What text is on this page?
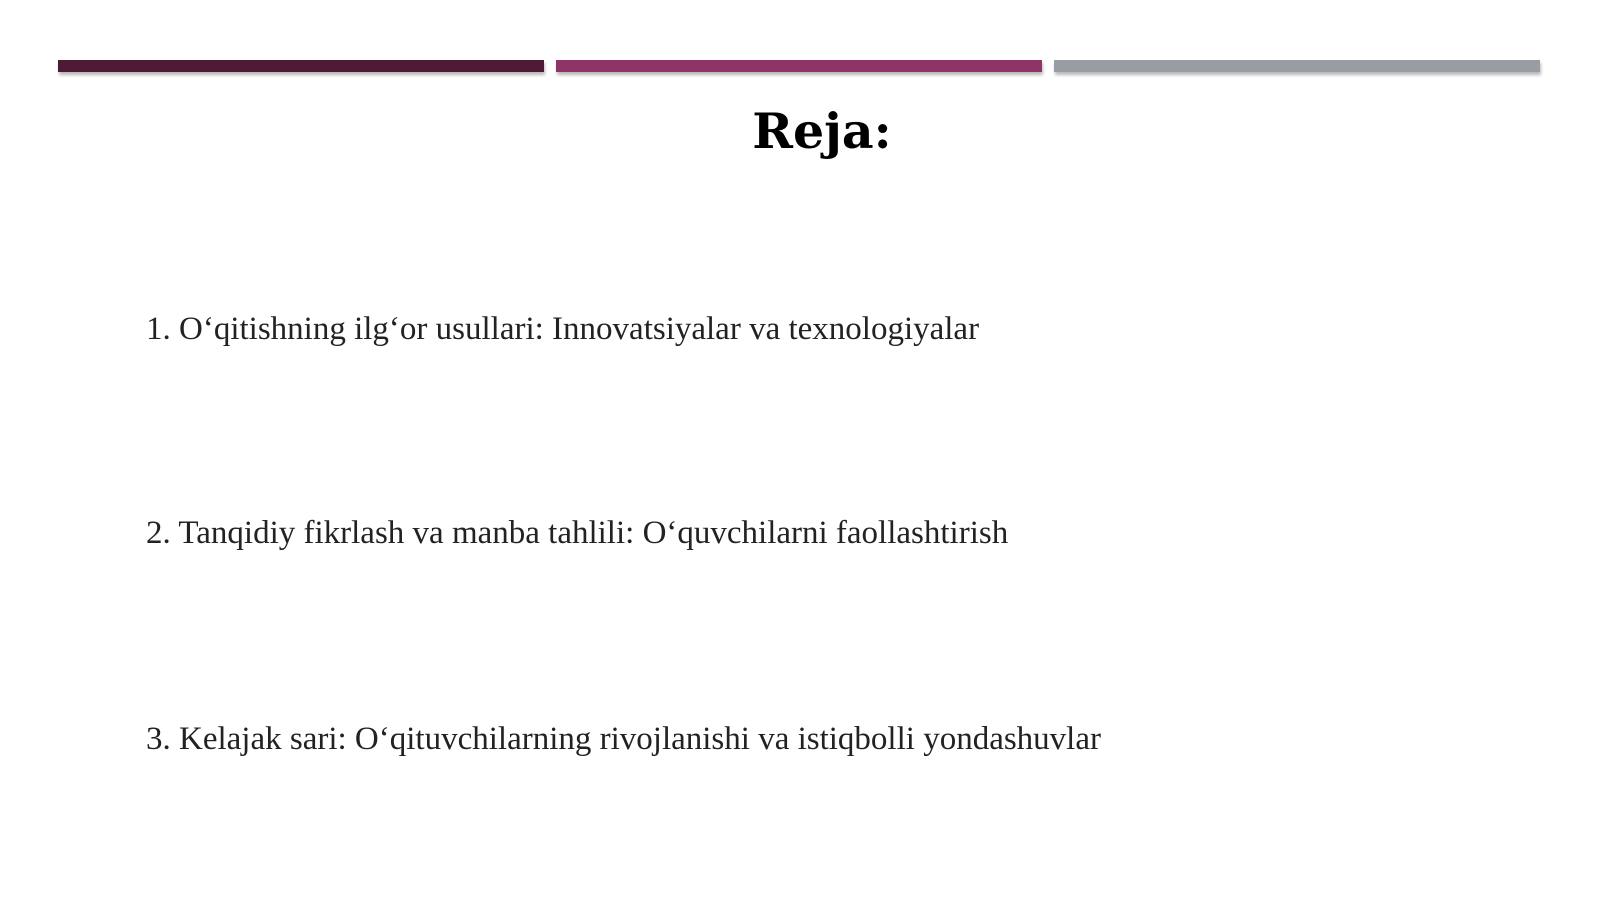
Reja:
1. O‘qitishning ilg‘or usullari: Innovatsiyalar va texnologiyalar
2. Tanqidiy fikrlash va manba tahlili: O‘quvchilarni faollashtirish
3. Kelajak sari: O‘qituvchilarning rivojlanishi va istiqbolli yondashuvlar
